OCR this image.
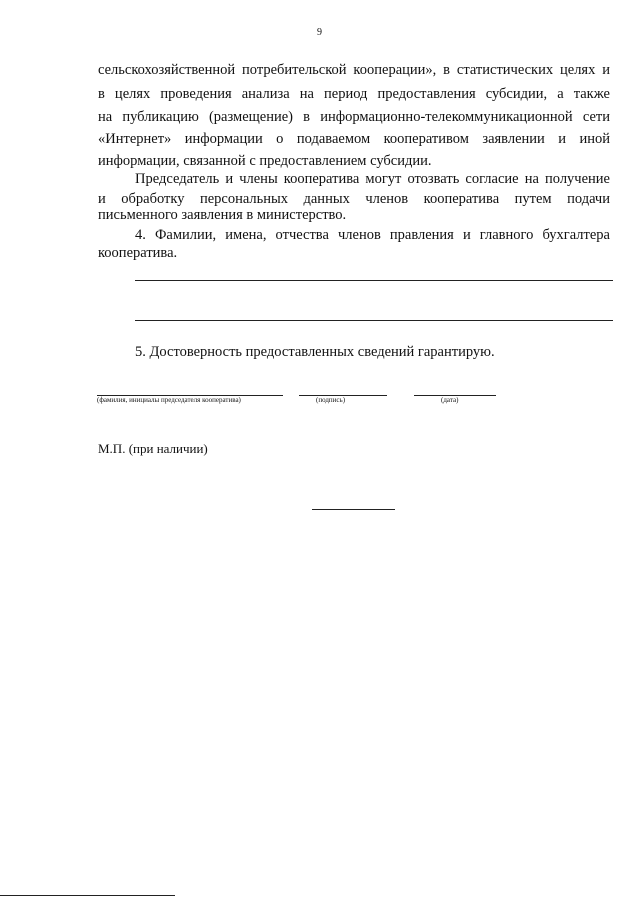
9
сельскохозяйственной потребительской кооперации», в статистических целях и
в целях проведения анализа на период предоставления субсидии, а также
на публикацию (размещение) в информационно-телекоммуникационной сети
«Интернет» информации о подаваемом кооперативом заявлении и иной
информации, связанной с предоставлением субсидии.
Председатель и члены кооператива могут отозвать согласие на получение
и обработку персональных данных членов кооператива путем подачи
письменного заявления в министерство.
4. Фамилии, имена, отчества членов правления и главного бухгалтера
кооператива.
5. Достоверность предоставленных сведений гарантирую.
(фамилия, инициалы председателя кооператива)	(подпись)	(дата)
М.П. (при наличии)
